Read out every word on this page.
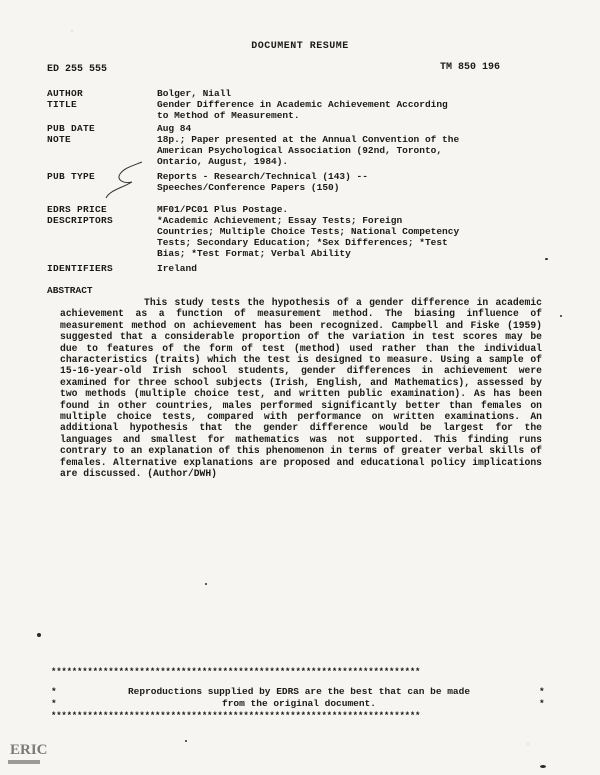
DOCUMENT RESUME
ED 255 555	TM 850 196
AUTHOR	Bolger, Niall
TITLE	Gender Difference in Academic Achievement According
to Method of Measurement.
PUB DATE	Aug 84
NOTE	18p.; Paper presented at the Annual Convention of the
American Psychological Association (92nd, Toronto,
Ontario, August, 1984).
PUB TYPE	Reports - Research/Technical (143) --
Speeches/Conference Papers (150)
EDRS PRICE	MF01/PC01 Plus Postage.
DESCRIPTORS	*Academic Achievement; Essay Tests; Foreign
Countries; Multiple Choice Tests; National Competency
Tests; Secondary Education; *Sex Differences; *Test
Bias; *Test Format; Verbal Ability
IDENTIFIERS	Ireland
ABSTRACT
This study tests the hypothesis of a gender difference in academic achievement as a function of measurement method. The biasing influence of measurement method on achievement has been recognized. Campbell and Fiske (1959) suggested that a considerable proportion of the variation in test scores may be due to features of the form of test (method) used rather than the individual characteristics (traits) which the test is designed to measure. Using a sample of 15-16-year-old Irish school students, gender differences in achievement were examined for three school subjects (Irish, English, and Mathematics), assessed by two methods (multiple choice test, and written public examination). As has been found in other countries, males performed significantly better than females on multiple choice tests, compared with performance on written examinations. An additional hypothesis that the gender difference would be largest for the languages and smallest for mathematics was not supported. This finding runs contrary to an explanation of this phenomenon in terms of greater verbal skills of females. Alternative explanations are proposed and educational policy implications are discussed. (Author/DWH)
***********************************************************************
*	Reproductions supplied by EDRS are the best that can be made	*
*	from the original document.	*
***********************************************************************
ERIC
